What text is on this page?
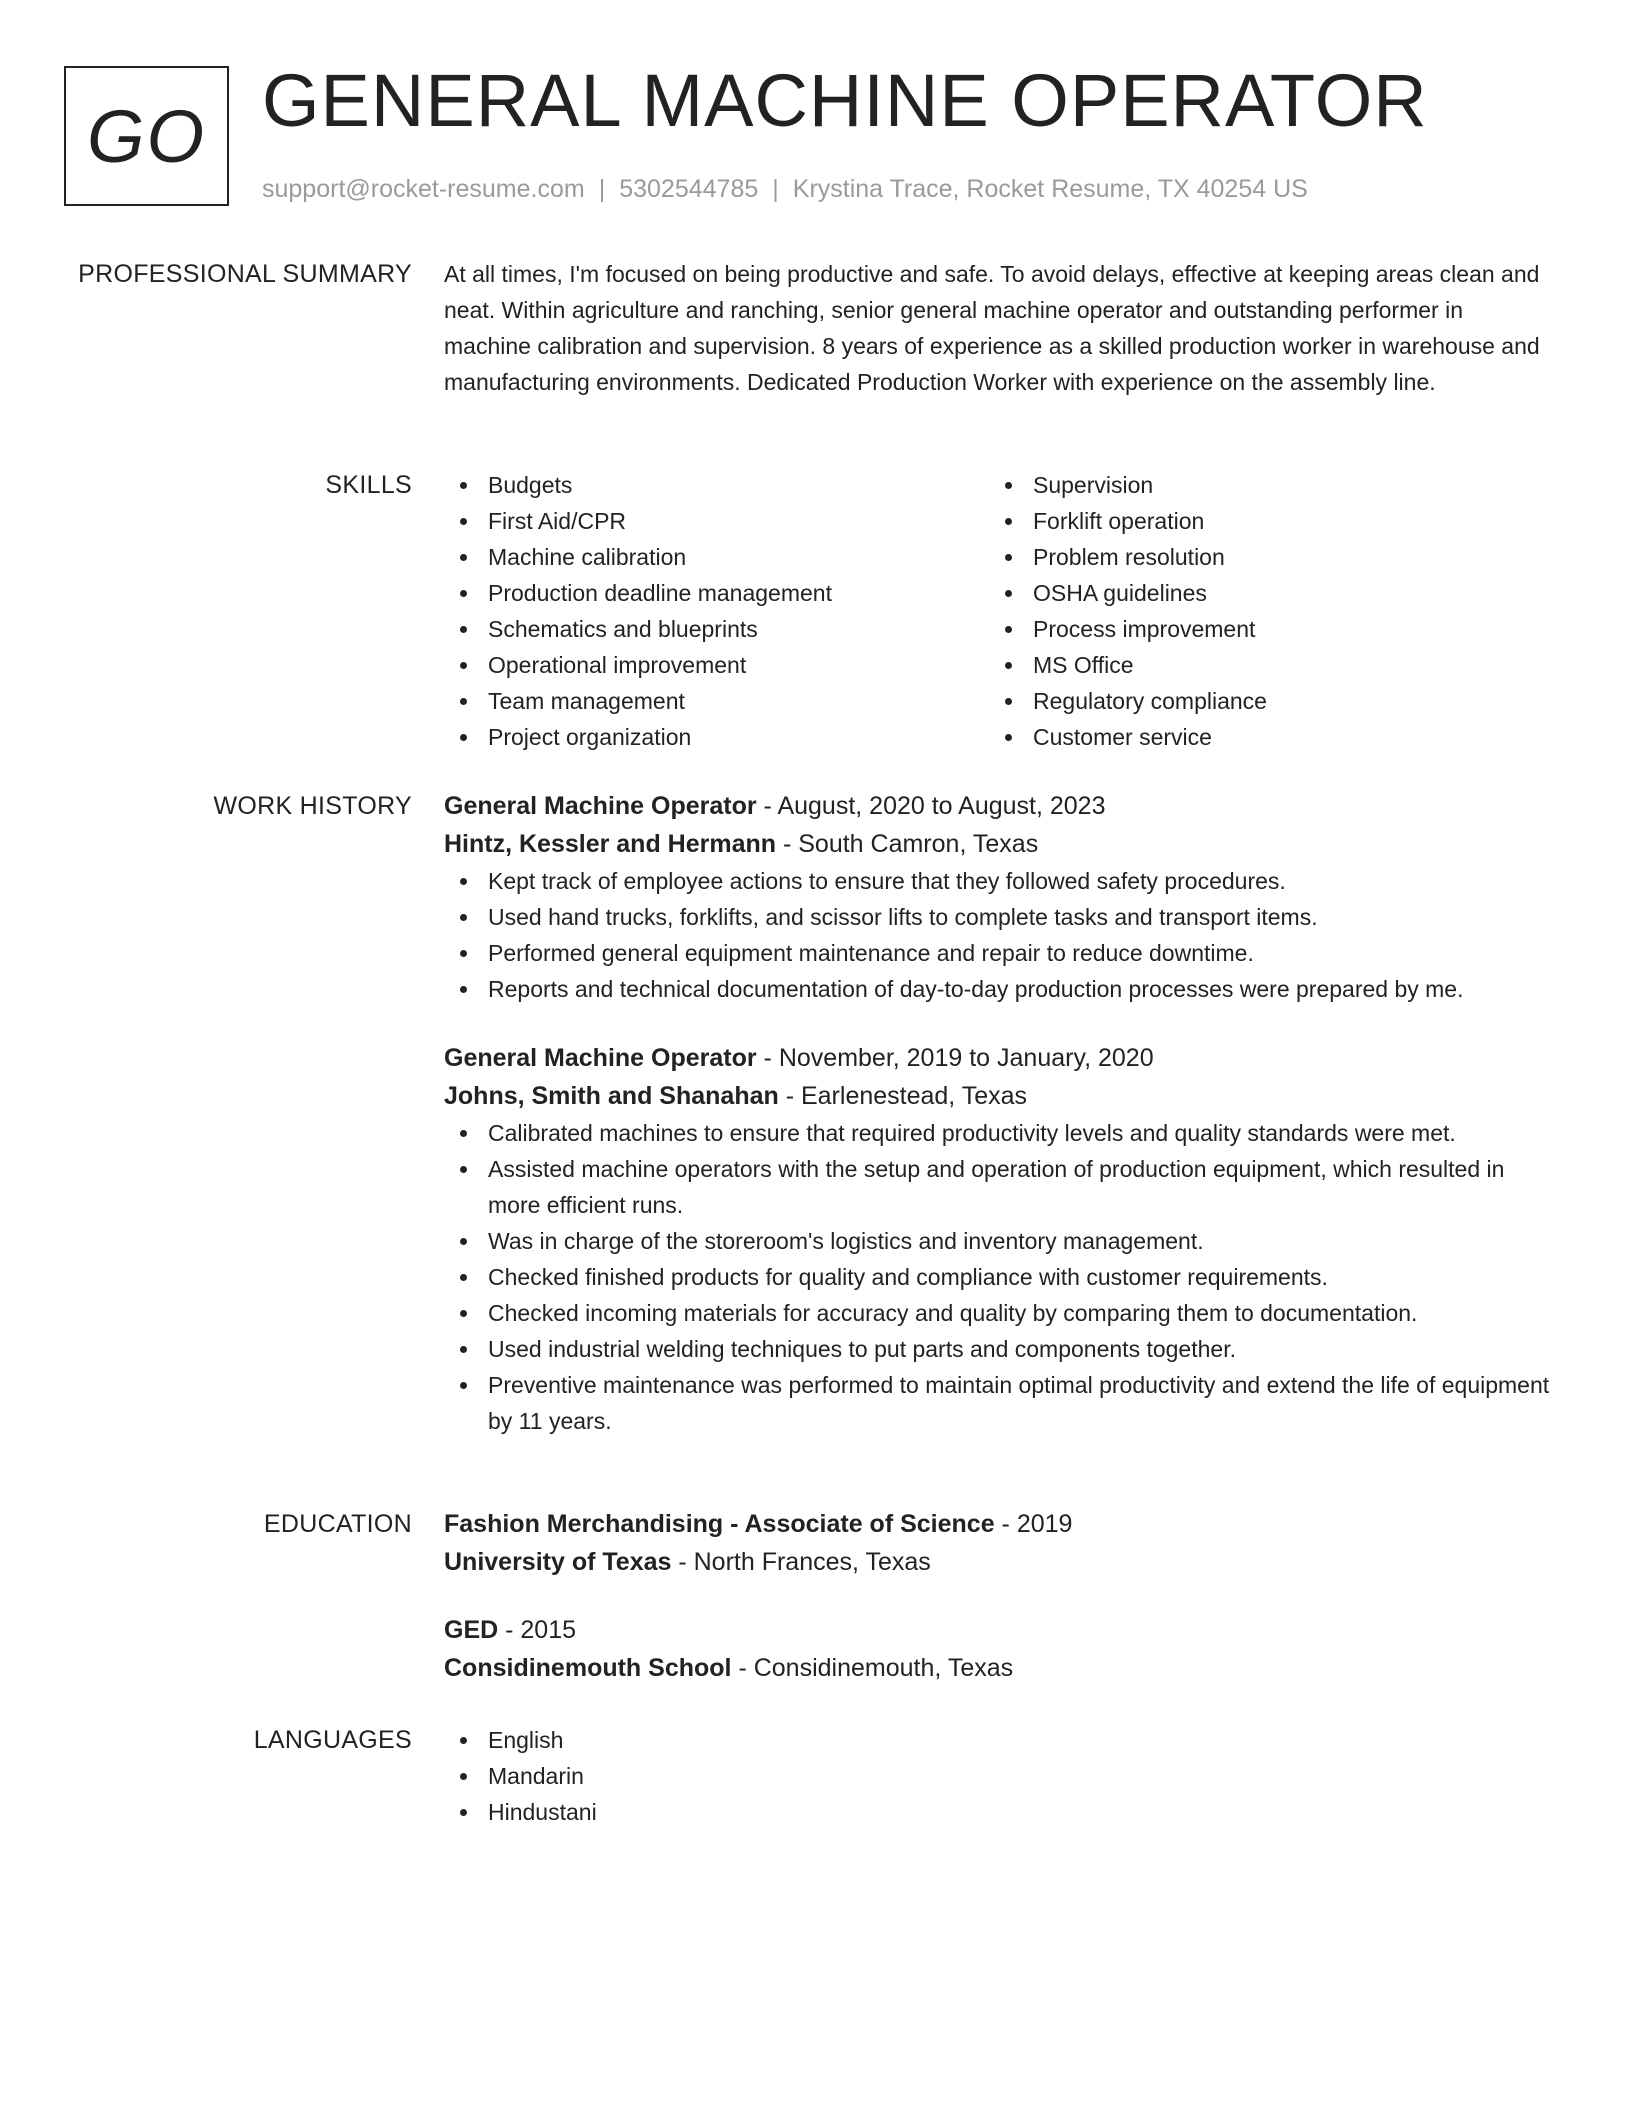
GO GENERAL MACHINE OPERATOR
support@rocket-resume.com | 5302544785 | Krystina Trace, Rocket Resume, TX 40254 US
PROFESSIONAL SUMMARY At all times, I'm focused on being productive and safe. To avoid delays, effective at keeping areas clean and neat. Within agriculture and ranching, senior general machine operator and outstanding performer in machine calibration and supervision. 8 years of experience as a skilled production worker in warehouse and manufacturing environments. Dedicated Production Worker with experience on the assembly line.

SKILLS	Budgets
First Aid/CPR
Machine calibration
Production deadline management
Schematics and blueprints
Operational improvement
Team management
Project organization
Supervision
Forklift operation
Problem resolution
OSHA guidelines
Process improvement
MS Office
Regulatory compliance
Customer service
WORK HISTORY General Machine Operator - August, 2020 to August, 2023
Hintz, Kessler and Hermann - South Camron, Texas
Kept track of employee actions to ensure that they followed safety procedures.
Used hand trucks, forklifts, and scissor lifts to complete tasks and transport items.
Performed general equipment maintenance and repair to reduce downtime.
Reports and technical documentation of day-to-day production processes were prepared by me.
General Machine Operator - November, 2019 to January, 2020
Johns, Smith and Shanahan - Earlenestead, Texas
Calibrated machines to ensure that required productivity levels and quality standards were met.
Assisted machine operators with the setup and operation of production equipment, which resulted in more efficient runs.
Was in charge of the storeroom's logistics and inventory management.
Checked finished products for quality and compliance with customer requirements.
Checked incoming materials for accuracy and quality by comparing them to documentation.
Used industrial welding techniques to put parts and components together.
Preventive maintenance was performed to maintain optimal productivity and extend the life of equipment by 11 years.
EDUCATION Fashion Merchandising - Associate of Science - 2019
University of Texas - North Frances, Texas
GED - 2015
Considinemouth School - Considinemouth, Texas
LANGUAGES	English
Mandarin
Hindustani
